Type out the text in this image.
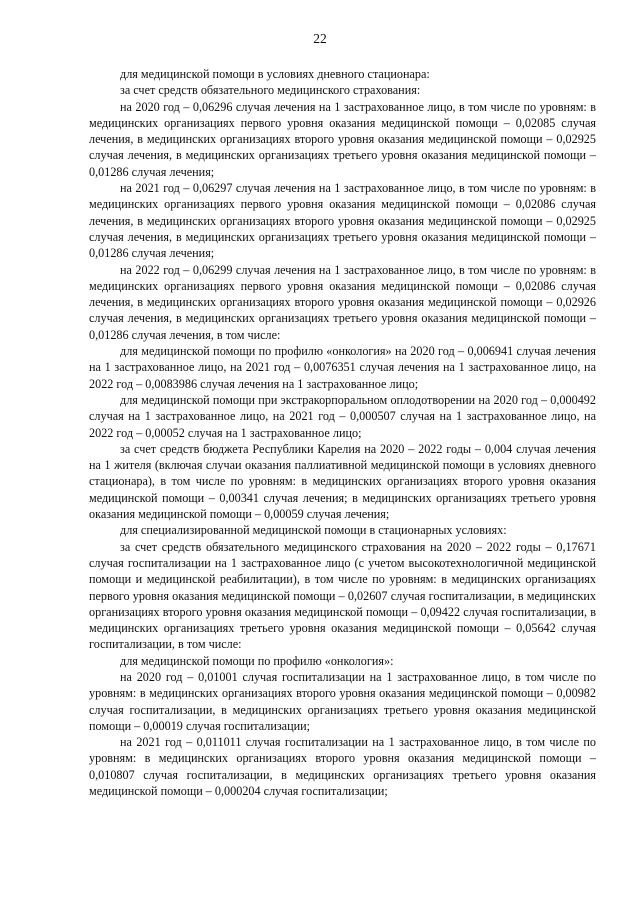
22

для медицинской помощи в условиях дневного стационара:

за счет средств обязательного медицинского страхования:

на 2020 год – 0,06296 случая лечения на 1 застрахованное лицо, в том числе по уровням: в медицинских организациях первого уровня оказания медицинской помощи – 0,02085 случая лечения, в медицинских организациях второго уровня оказания медицинской помощи – 0,02925 случая лечения, в медицинских организациях третьего уровня оказания медицинской помощи – 0,01286 случая лечения;

на 2021 год – 0,06297 случая лечения на 1 застрахованное лицо, в том числе по уровням: в медицинских организациях первого уровня оказания медицинской помощи – 0,02086 случая лечения, в медицинских организациях второго уровня оказания медицинской помощи – 0,02925 случая лечения, в медицинских организациях третьего уровня оказания медицинской помощи – 0,01286 случая лечения;

на 2022 год – 0,06299 случая лечения на 1 застрахованное лицо, в том числе по уровням: в медицинских организациях первого уровня оказания медицинской помощи – 0,02086 случая лечения, в медицинских организациях второго уровня оказания медицинской помощи – 0,02926 случая лечения, в медицинских организациях третьего уровня оказания медицинской помощи – 0,01286 случая лечения, в том числе:

для медицинской помощи по профилю «онкология» на 2020 год – 0,006941 случая лечения на 1 застрахованное лицо, на 2021 год – 0,0076351 случая лечения на 1 застрахованное лицо, на 2022 год – 0,0083986 случая лечения на 1 застрахованное лицо;

для медицинской помощи при экстракорпоральном оплодотворении на 2020 год – 0,000492 случая на 1 застрахованное лицо, на 2021 год – 0,000507 случая на 1 застрахованное лицо, на 2022 год – 0,00052 случая на 1 застрахованное лицо;

за счет средств бюджета Республики Карелия на 2020 – 2022 годы – 0,004 случая лечения на 1 жителя (включая случаи оказания паллиативной медицинской помощи в условиях дневного стационара), в том числе по уровням: в медицинских организациях второго уровня оказания медицинской помощи – 0,00341 случая лечения; в медицинских организациях третьего уровня оказания медицинской помощи – 0,00059 случая лечения;

для специализированной медицинской помощи в стационарных условиях:

за счет средств обязательного медицинского страхования на 2020 – 2022 годы – 0,17671 случая госпитализации на 1 застрахованное лицо (с учетом высокотехнологичной медицинской помощи и медицинской реабилитации), в том числе по уровням: в медицинских организациях первого уровня оказания медицинской помощи – 0,02607 случая госпитализации, в медицинских организациях второго уровня оказания медицинской помощи – 0,09422 случая госпитализации, в медицинских организациях третьего уровня оказания медицинской помощи – 0,05642 случая госпитализации, в том числе:

для медицинской помощи по профилю «онкология»:

на 2020 год – 0,01001 случая госпитализации на 1 застрахованное лицо, в том числе по уровням: в медицинских организациях второго уровня оказания медицинской помощи – 0,00982 случая госпитализации, в медицинских организациях третьего уровня оказания медицинской помощи – 0,00019 случая госпитализации;

на 2021 год – 0,011011 случая госпитализации на 1 застрахованное лицо, в том числе по уровням: в медицинских организациях второго уровня оказания медицинской помощи – 0,010807 случая госпитализации, в медицинских организациях третьего уровня оказания медицинской помощи – 0,000204 случая госпитализации;
